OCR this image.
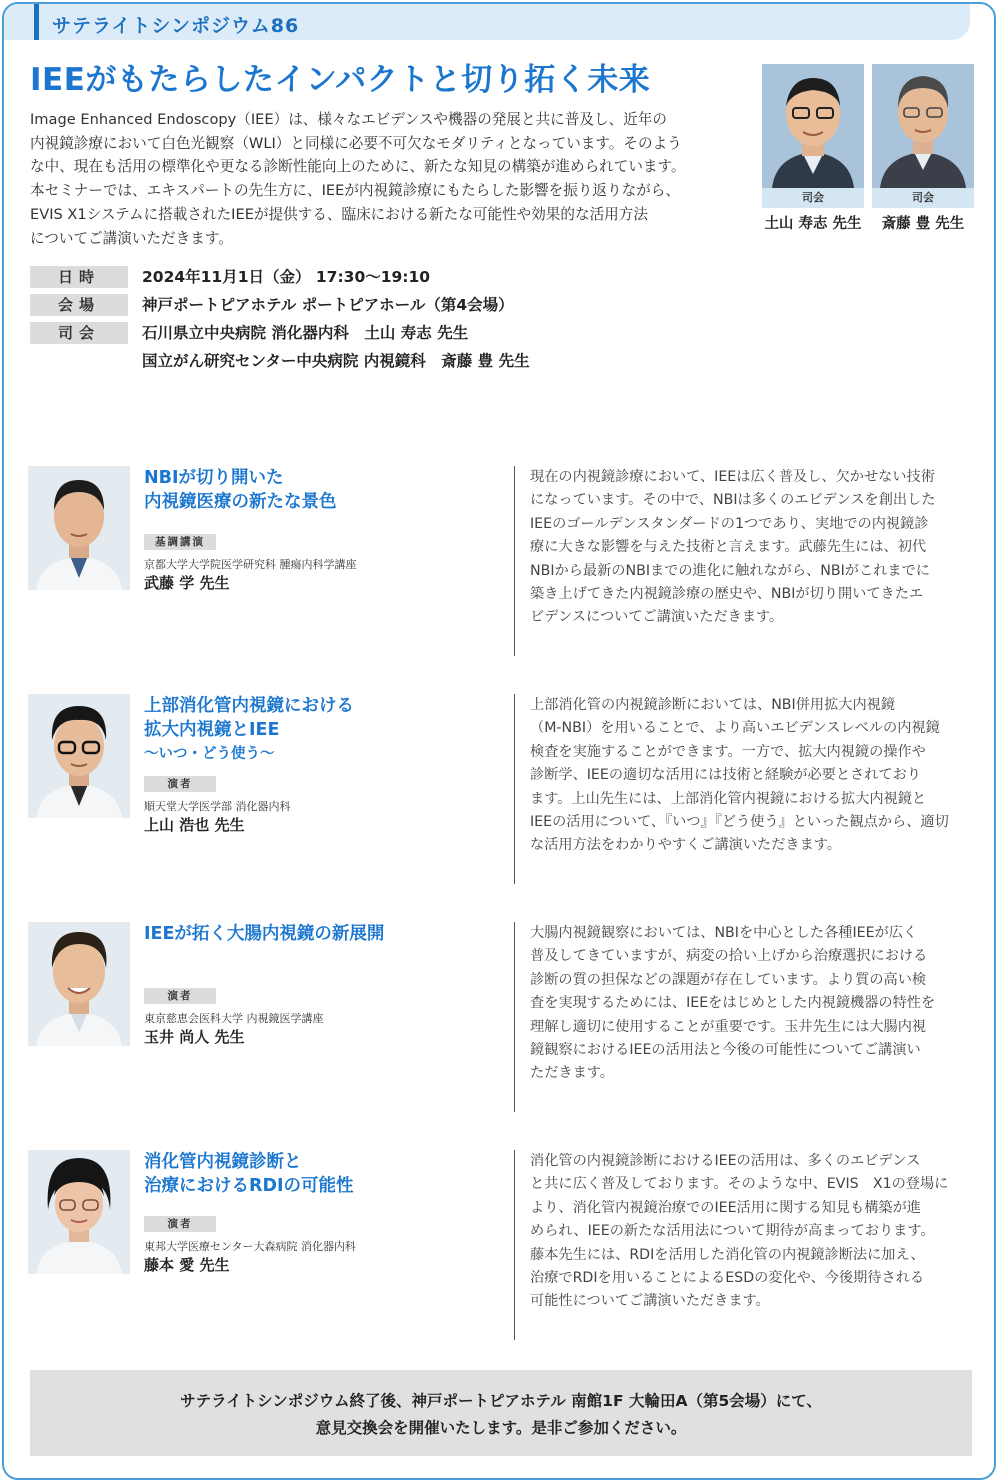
サテライトシンポジウム86
IEEがもたらしたインパクトと切り拓く未来

Image Enhanced Endoscopy（IEE）は、様々なエビデンスや機器の発展と共に普及し、近年の

内視鏡診療において白色光観察（WLI）と同様に必要不可欠なモダリティとなっています。そのよう

な中、現在も活用の標準化や更なる診断性能向上のために、新たな知見の構築が進められています。

本セミナーでは、エキスパートの先生方に、IEEが内視鏡診療にもたらした影響を振り返りながら、

EVIS X1システムに搭載されたIEEが提供する、臨床における新たな可能性や効果的な活用方法

についてご講演いただきます。

司会
土山 寿志 先生
司会
斎藤 豊 先生
日時	2024年11月1日（金） 17:30～19:10
会場	神戸ポートピアホテル ポートピアホール（第4会場）
司会	石川県立中央病院 消化器内科　土山 寿志 先生
国立がん研究センター中央病院 内視鏡科　斎藤 豊 先生
NBIが切り開いた
内視鏡医療の新たな景色
基調講演
京都大学大学院医学研究科 腫瘍内科学講座
武藤 学 先生

現在の内視鏡診療において、IEEは広く普及し、欠かせない技術

になっています。その中で、NBIは多くのエビデンスを創出した

IEEのゴールデンスタンダードの1つであり、実地での内視鏡診

療に大きな影響を与えた技術と言えます。武藤先生には、初代

NBIから最新のNBIまでの進化に触れながら、NBIがこれまでに

築き上げてきた内視鏡診療の歴史や、NBIが切り開いてきたエ

ビデンスについてご講演いただきます。

上部消化管内視鏡における
拡大内視鏡とIEE
～いつ・どう使う～
演者
順天堂大学医学部 消化器内科
上山 浩也 先生

上部消化管の内視鏡診断においては、NBI併用拡大内視鏡

（M-NBI）を用いることで、より高いエビデンスレベルの内視鏡

検査を実施することができます。一方で、拡大内視鏡の操作や

診断学、IEEの適切な活用には技術と経験が必要とされており

ます。上山先生には、上部消化管内視鏡における拡大内視鏡と

IEEの活用について、『いつ』『どう使う』といった観点から、適切

な活用方法をわかりやすくご講演いただきます。

IEEが拓く大腸内視鏡の新展開
演者
東京慈恵会医科大学 内視鏡医学講座
玉井 尚人 先生

大腸内視鏡観察においては、NBIを中心とした各種IEEが広く

普及してきていますが、病変の拾い上げから治療選択における

診断の質の担保などの課題が存在しています。より質の高い検

査を実現するためには、IEEをはじめとした内視鏡機器の特性を

理解し適切に使用することが重要です。玉井先生には大腸内視

鏡観察におけるIEEの活用法と今後の可能性についてご講演い

ただきます。

消化管内視鏡診断と
治療におけるRDIの可能性
演者
東邦大学医療センター大森病院 消化器内科
藤本 愛 先生

消化管の内視鏡診断におけるIEEの活用は、多くのエビデンス

と共に広く普及しております。そのような中、EVIS　X1の登場に

より、消化管内視鏡治療でのIEE活用に関する知見も構築が進

められ、IEEの新たな活用法について期待が高まっております。

藤本先生には、RDIを活用した消化管の内視鏡診断法に加え、

治療でRDIを用いることによるESDの変化や、今後期待される

可能性についてご講演いただきます。

サテライトシンポジウム終了後、神戸ポートピアホテル 南館1F 大輪田A（第5会場）にて、
意見交換会を開催いたします。是非ご参加ください。
